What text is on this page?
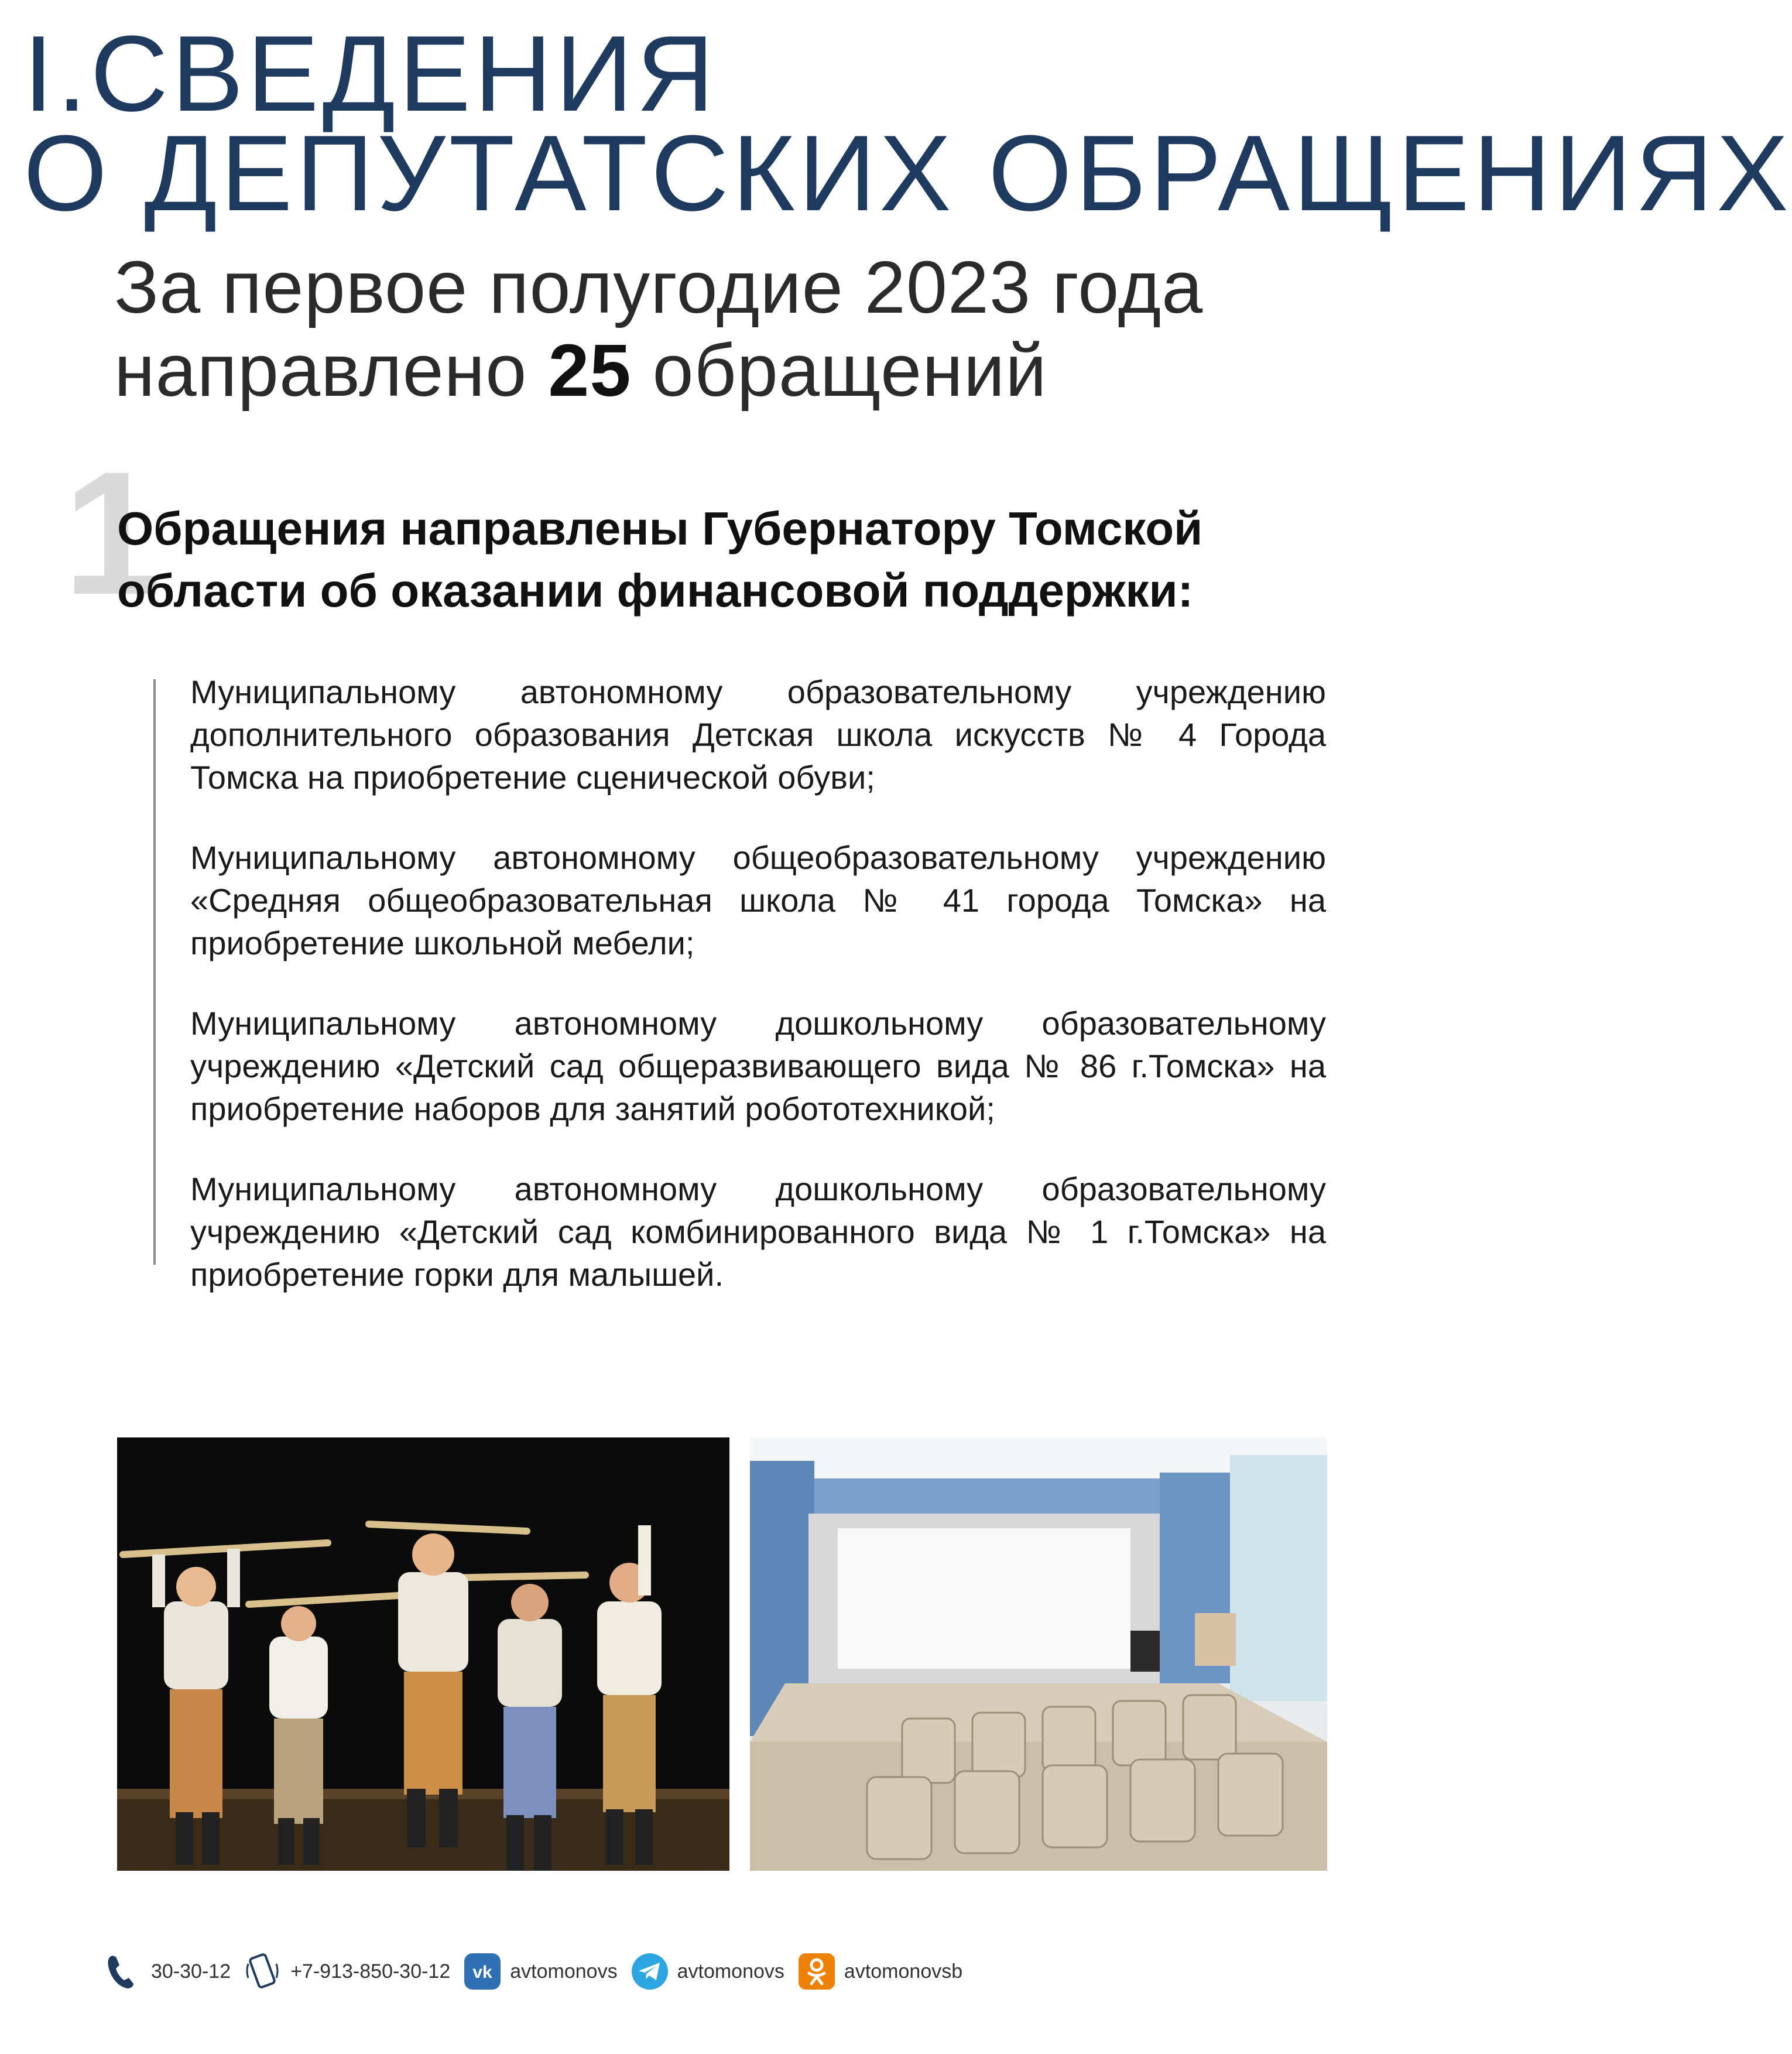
I.СВЕДЕНИЯ
О ДЕПУТАТСКИХ ОБРАЩЕНИЯХ
За первое полугодие 2023 года
направлено 25 обращений
1
Обращения направлены Губернатору Томской
области об оказании финансовой поддержки:

Муниципальному автономному образовательному учреждению дополнительного образования Детская школа искусств № 4 Города Томска на приобретение сценической обуви;

Муниципальному автономному общеобразовательному учреждению «Средняя общеобразовательная школа № 41 города Томска» на приобретение школьной мебели;

Муниципальному автономному дошкольному образовательному учреждению «Детский сад общеразвивающего вида № 86 г.Томска» на приобретение наборов для занятий робототехникой;

Муниципальному автономному дошкольному образовательному учреждению «Детский сад комбинированного вида № 1 г.Томска» на приобретение горки для малышей.

30-30-12	+7-913-850-30-12 vk avtomonovs	avtomonovs	avtomonovsb
